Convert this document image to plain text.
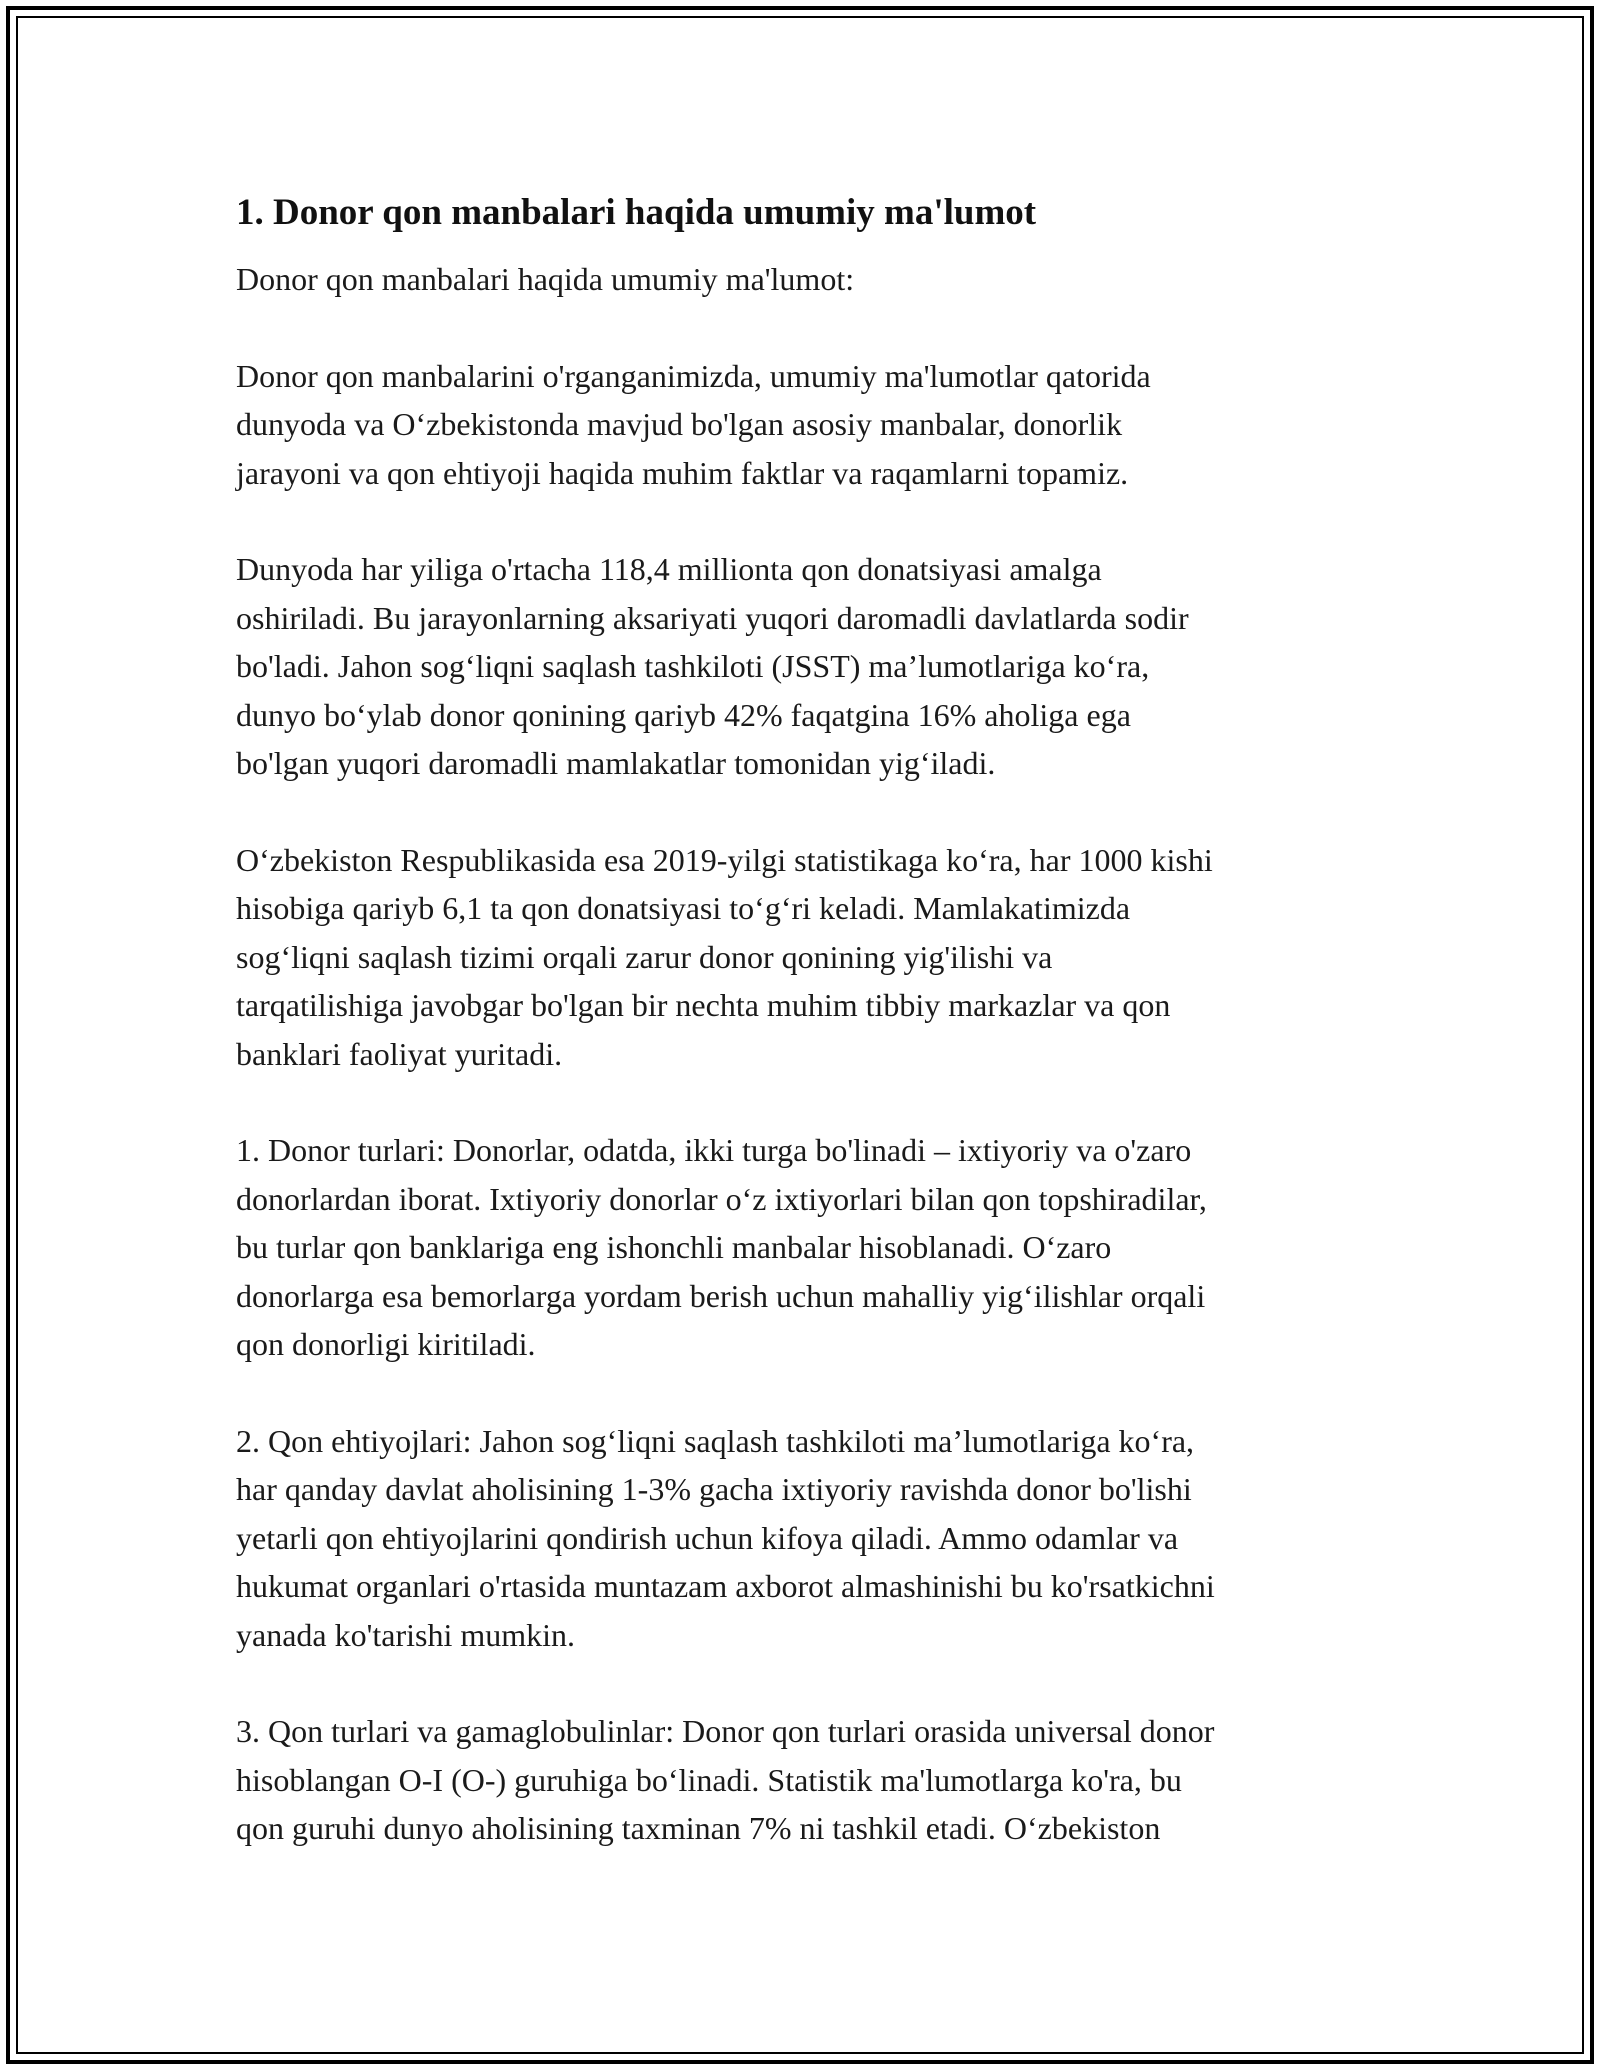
1. Donor qon manbalari haqida umumiy ma'lumot
Donor qon manbalari haqida umumiy ma'lumot:
Donor qon manbalarini o'rganganimizda, umumiy ma'lumotlar qatorida
dunyoda va O‘zbekistonda mavjud bo'lgan asosiy manbalar, donorlik
jarayoni va qon ehtiyoji haqida muhim faktlar va raqamlarni topamiz.
Dunyoda har yiliga o'rtacha 118,4 millionta qon donatsiyasi amalga
oshiriladi. Bu jarayonlarning aksariyati yuqori daromadli davlatlarda sodir
bo'ladi. Jahon sog‘liqni saqlash tashkiloti (JSST) ma’lumotlariga ko‘ra,
dunyo bo‘ylab donor qonining qariyb 42% faqatgina 16% aholiga ega
bo'lgan yuqori daromadli mamlakatlar tomonidan yig‘iladi.
O‘zbekiston Respublikasida esa 2019-yilgi statistikaga ko‘ra, har 1000 kishi
hisobiga qariyb 6,1 ta qon donatsiyasi to‘g‘ri keladi. Mamlakatimizda
sog‘liqni saqlash tizimi orqali zarur donor qonining yig'ilishi va
tarqatilishiga javobgar bo'lgan bir nechta muhim tibbiy markazlar va qon
banklari faoliyat yuritadi.
1. Donor turlari: Donorlar, odatda, ikki turga bo'linadi – ixtiyoriy va o'zaro
donorlardan iborat. Ixtiyoriy donorlar o‘z ixtiyorlari bilan qon topshiradilar,
bu turlar qon banklariga eng ishonchli manbalar hisoblanadi. O‘zaro
donorlarga esa bemorlarga yordam berish uchun mahalliy yig‘ilishlar orqali
qon donorligi kiritiladi.
2. Qon ehtiyojlari: Jahon sog‘liqni saqlash tashkiloti ma’lumotlariga ko‘ra,
har qanday davlat aholisining 1-3% gacha ixtiyoriy ravishda donor bo'lishi
yetarli qon ehtiyojlarini qondirish uchun kifoya qiladi. Ammo odamlar va
hukumat organlari o'rtasida muntazam axborot almashinishi bu ko'rsatkichni
yanada ko'tarishi mumkin.
3. Qon turlari va gamaglobulinlar: Donor qon turlari orasida universal donor
hisoblangan O-I (O-) guruhiga bo‘linadi. Statistik ma'lumotlarga ko'ra, bu
qon guruhi dunyo aholisining taxminan 7% ni tashkil etadi. O‘zbekiston
